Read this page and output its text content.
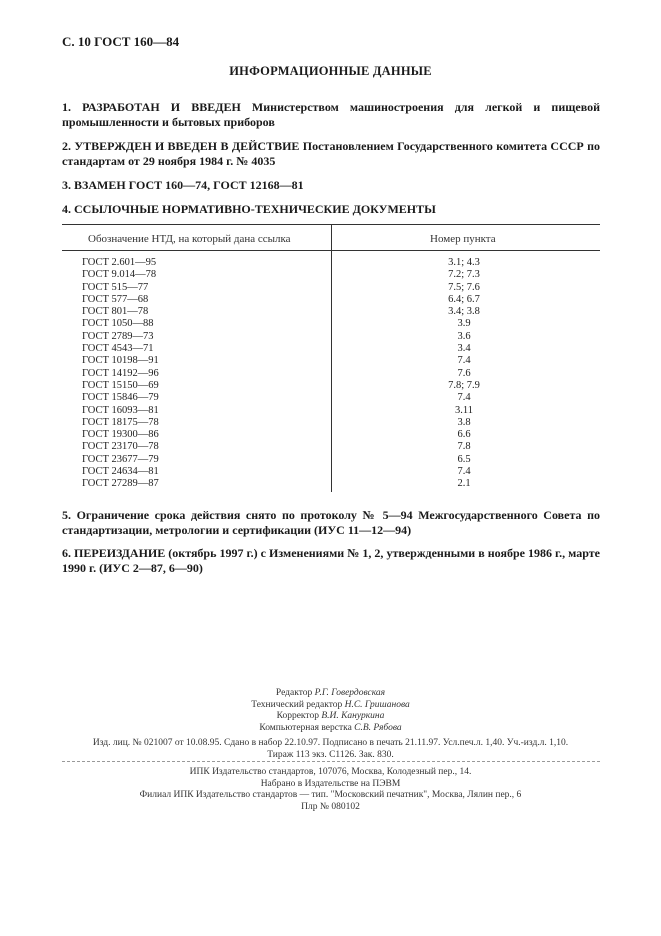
С. 10 ГОСТ 160—84
ИНФОРМАЦИОННЫЕ ДАННЫЕ
1. РАЗРАБОТАН И ВВЕДЕН Министерством машиностроения для легкой и пищевой промышленности и бытовых приборов
2. УТВЕРЖДЕН И ВВЕДЕН В ДЕЙСТВИЕ Постановлением Государственного комитета СССР по стандартам от 29 ноября 1984 г. № 4035
3. ВЗАМЕН ГОСТ 160—74, ГОСТ 12168—81
4. ССЫЛОЧНЫЕ НОРМАТИВНО-ТЕХНИЧЕСКИЕ ДОКУМЕНТЫ
Обозначение НТД, на который дана ссылка	Номер пункта
ГОСТ 2.601—95	3.1; 4.3
ГОСТ 9.014—78	7.2; 7.3
ГОСТ 515—77	7.5; 7.6
ГОСТ 577—68	6.4; 6.7
ГОСТ 801—78	3.4; 3.8
ГОСТ 1050—88	3.9
ГОСТ 2789—73	3.6
ГОСТ 4543—71	3.4
ГОСТ 10198—91	7.4
ГОСТ 14192—96	7.6
ГОСТ 15150—69	7.8; 7.9
ГОСТ 15846—79	7.4
ГОСТ 16093—81	3.11
ГОСТ 18175—78	3.8
ГОСТ 19300—86	6.6
ГОСТ 23170—78	7.8
ГОСТ 23677—79	6.5
ГОСТ 24634—81	7.4
ГОСТ 27289—87	2.1
5. Ограничение срока действия снято по протоколу № 5—94 Межгосударственного Совета по стандартизации, метрологии и сертификации (ИУС 11—12—94)
6. ПЕРЕИЗДАНИЕ (октябрь 1997 г.) с Изменениями № 1, 2, утвержденными в ноябре 1986 г., марте 1990 г. (ИУС 2—87, 6—90)
Редактор Р.Г. Говердовская
Технический редактор Н.С. Гришанова
Корректор В.И. Кануркина
Компьютерная верстка С.В. Рябова
Изд. лиц. № 021007 от 10.08.95. Сдано в набор 22.10.97. Подписано в печать 21.11.97. Усл.печ.л. 1,40. Уч.-изд.л. 1,10.
Тираж 113 экз. С1126. Зак. 830.
ИПК Издательство стандартов, 107076, Москва, Колодезный пер., 14.
Набрано в Издательстве на ПЭВМ
Филиал ИПК Издательство стандартов — тип. "Московский печатник", Москва, Лялин пер., 6
Плр № 080102
